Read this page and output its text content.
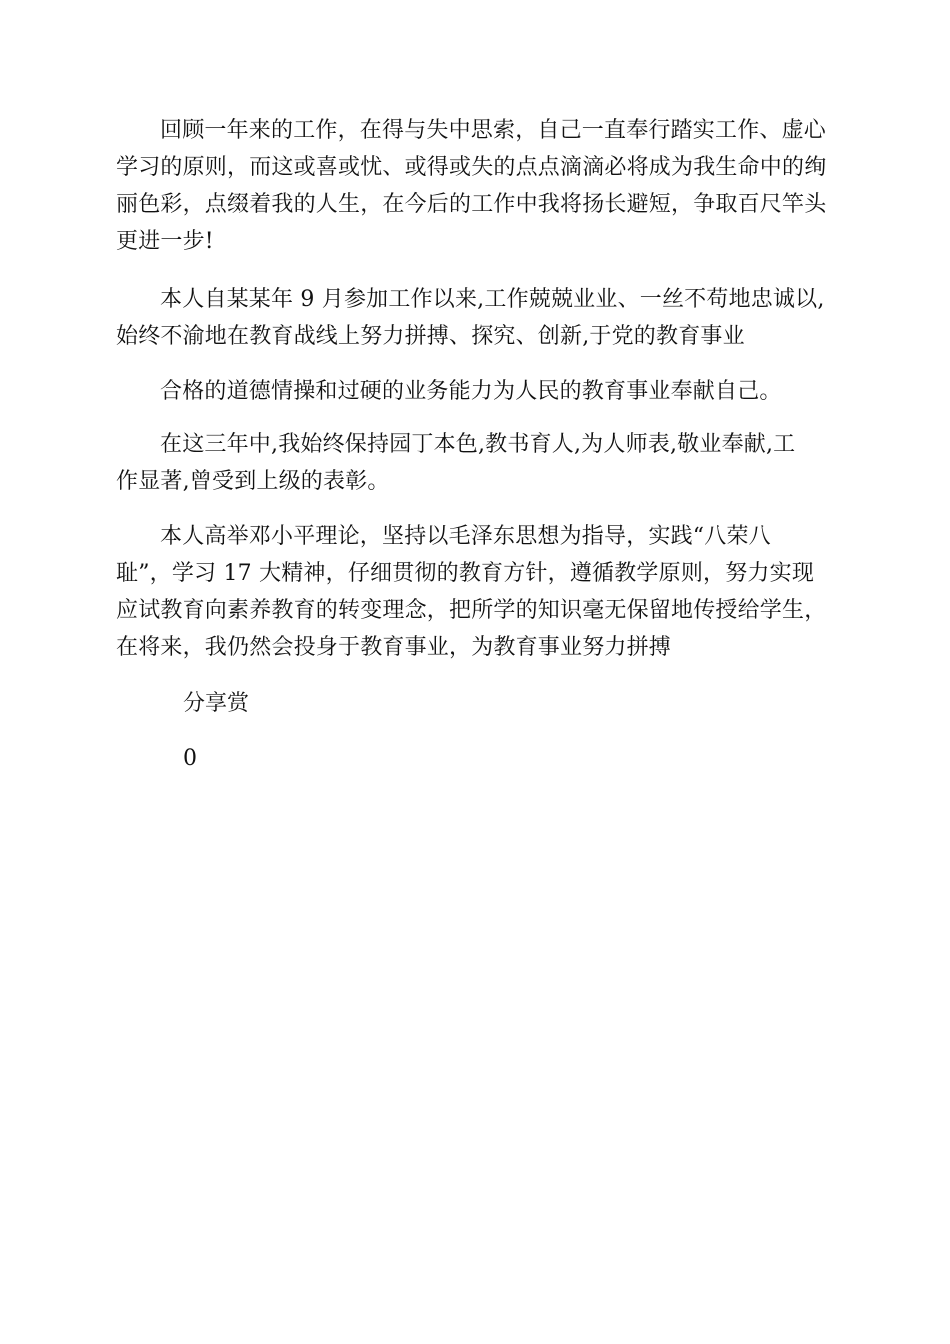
回顾一年来的工作，在得与失中思索，自己一直奉行踏实工作、虚心
学习的原则，而这或喜或忧、或得或失的点点滴滴必将成为我生命中的绚
丽色彩，点缀着我的人生，在今后的工作中我将扬长避短，争取百尺竿头
更进一步!
本人自某某年 9 月参加工作以来,工作兢兢业业、一丝不苟地忠诚以,
始终不渝地在教育战线上努力拼搏、探究、创新,于党的教育事业
合格的道德情操和过硬的业务能力为人民的教育事业奉献自己。
在这三年中,我始终保持园丁本色,教书育人,为人师表,敬业奉献,工
作显著,曾受到上级的表彰。
本人高举邓小平理论，坚持以毛泽东思想为指导，实践“八荣八
耻”，学习 17 大精神，仔细贯彻的教育方针，遵循教学原则，努力实现
应试教育向素养教育的转变理念，把所学的知识毫无保留地传授给学生，
在将来，我仍然会投身于教育事业，为教育事业努力拼搏

分享赏

0
